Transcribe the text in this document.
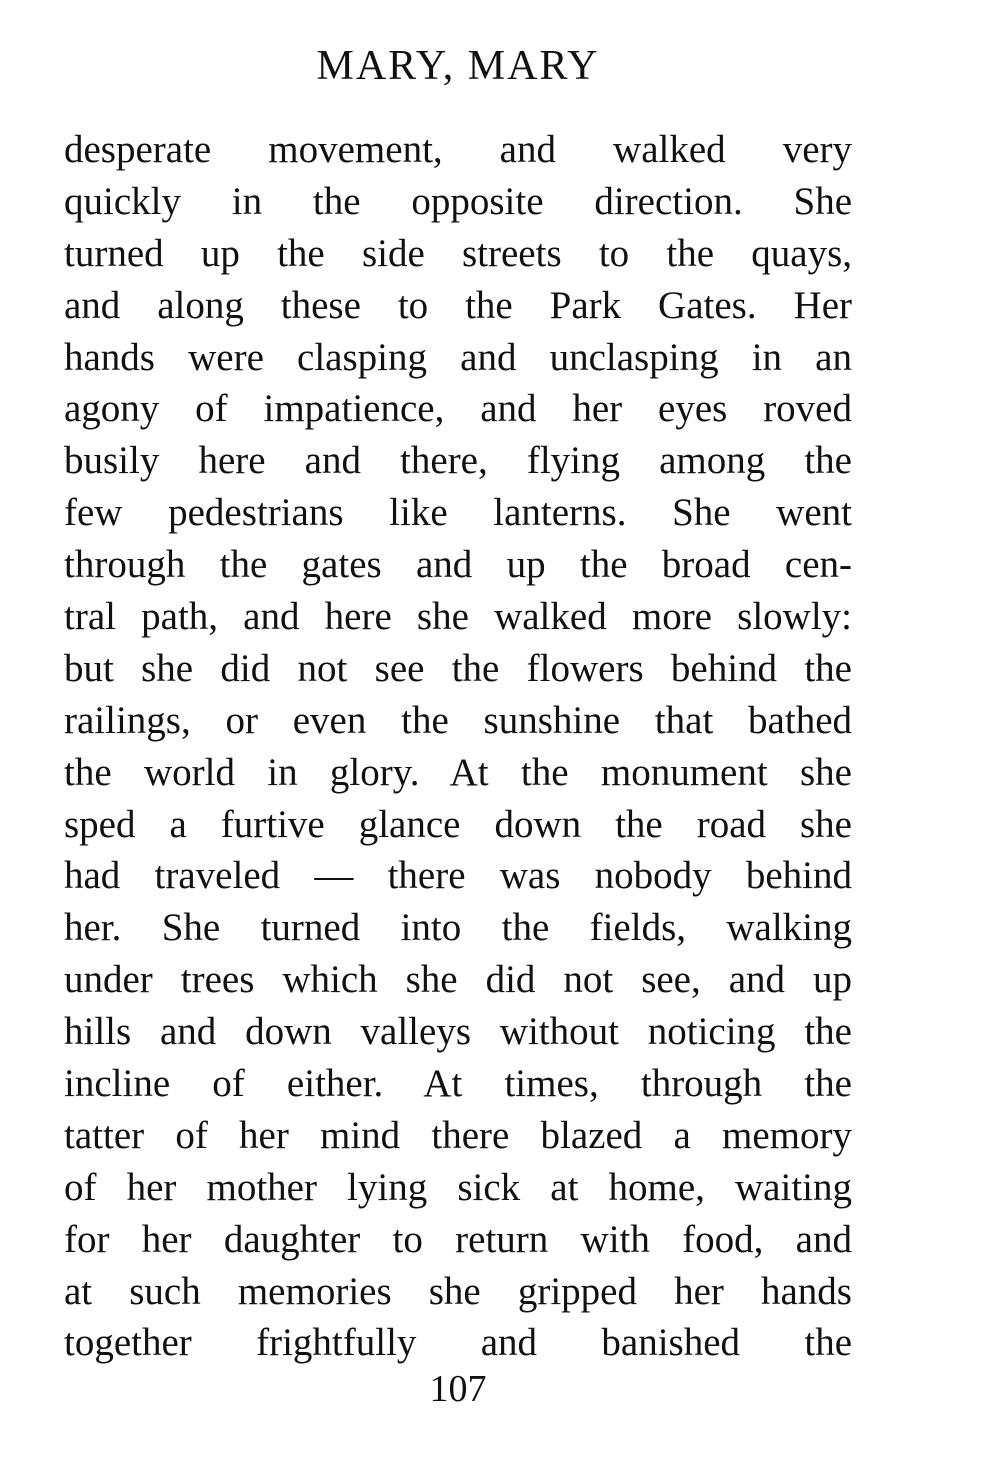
MARY, MARY
desperate movement, and walked very
quickly in the opposite direction. She
turned up the side streets to the quays,
and along these to the Park Gates. Her
hands were clasping and unclasping in an
agony of impatience, and her eyes roved
busily here and there, flying among the
few pedestrians like lanterns. She went
through the gates and up the broad cen-
tral path, and here she walked more slowly:
but she did not see the flowers behind the
railings, or even the sunshine that bathed
the world in glory. At the monument she
sped a furtive glance down the road she
had traveled — there was nobody behind
her. She turned into the fields, walking
under trees which she did not see, and up
hills and down valleys without noticing the
incline of either. At times, through the
tatter of her mind there blazed a memory
of her mother lying sick at home, waiting
for her daughter to return with food, and
at such memories she gripped her hands
together frightfully and banished the
107
